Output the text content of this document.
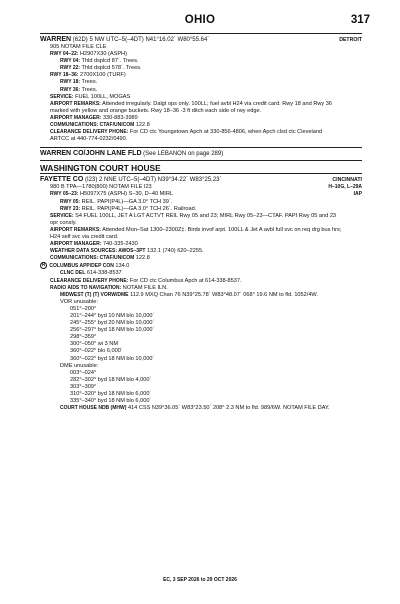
OHIO	317
WARREN (62D) 5 NW UTC–5(–4DT) N41°16.02´ W80°55.64´	DETROIT
905 NOTAM FILE CLE
RWY 04–22: H2907X30 (ASPH)
RWY 04: Thld dsplcd 87´. Trees.
RWY 22: Thld dsplcd 578´. Trees.
RWY 18–36: 2700X100 (TURF)
RWY 18: Trees.
RWY 36: Trees.
SERVICE: FUEL 100LL, MOGAS
AIRPORT REMARKS: Attended irregularly. Dalgt ops only. 100LL; fuel avbl H24 via credit card. Rwy 18 and Rwy 36 marked with yellow and orange buckets. Rwy 18–36 -3 ft ditch each side of rwy edge.
AIRPORT MANAGER: 330-883-3989
COMMUNICATIONS: CTAF/UNICOM 122.8
CLEARANCE DELIVERY PHONE: For CD ctc Youngstown Apch at 330-856-4806, when Apch clsd ctc Cleveland ARTCC at 440-774-0232/0490.
WARREN CO/JOHN LANE FLD (See LEBANON on page 289)
WASHINGTON COURT HOUSE
FAYETTE CO (I23) 2 NNE UTC–5(–4DT) N39°34.22´ W83°25.23´	CINCINNATI
H–10G, L–29A
IAP
980 B TPA—1780(800) NOTAM FILE I23
RWY 05–23: H5097X75 (ASPH) S–30, D–40 MIRL
RWY 05: REIL. PAPI(P4L)—GA 3.0° TCH 39´.
RWY 23: REIL. PAPI(P4L)—GA 3.0° TCH 26´. Railroad.
SERVICE: S4 FUEL 100LL, JET A LGT ACTVT REIL Rwy 05 and 23; MIRL Rwy 05–23—CTAF. PAPI Rwy 05 and 23 opr consly.
AIRPORT REMARKS: Attended Mon–Sat 1300–2300Z‡. Birds invof arpt. 100LL & Jet A avbl full svc on req drg bus hrs; H24 self svc via credit card.
AIRPORT MANAGER: 740-335-2430
WEATHER DATA SOURCES: AWOS–3PT 132.1 (740) 620–2255.
COMMUNICATIONS: CTAF/UNICOM 122.8
R COLUMBUS APP/DEP CON 134.0
CLNC DEL 614-338-8537
CLEARANCE DELIVERY PHONE: For CD ctc Columbus Apch at 614-338-8537.
RADIO AIDS TO NAVIGATION: NOTAM FILE ILN.
MIDWEST (T) (T) VORW/DME 112.9 MXQ Chan 76 N39°25.78´ W83°48.07´ 068° 19.6 NM to fld. 1052/4W.
VOR unusable:
051°–200°
201°–244° byd 10 NM blo 10,000´
245°–255° byd 20 NM blo 10,000´
256°–297° byd 18 NM blo 10,000´
298°–359°
300°–050° wi 3 NM
360°–022° blo 6,000´
360°–022° byd 18 NM blo 10,000´
DME unusable:
003°–024°
282°–302° byd 18 NM blo 4,000´
303°–309°
310°–320° byd 18 NM blo 6,000´
335°–340° byd 18 NM blo 6,000´
COURT HOUSE NDB (MHW) 414 CSS N39°36.05´ W83°23.50´ 208° 2.3 NM to fld. 989/6W. NOTAM FILE DAY.
EC, 3 SEP 2026 to 29 OCT 2026
